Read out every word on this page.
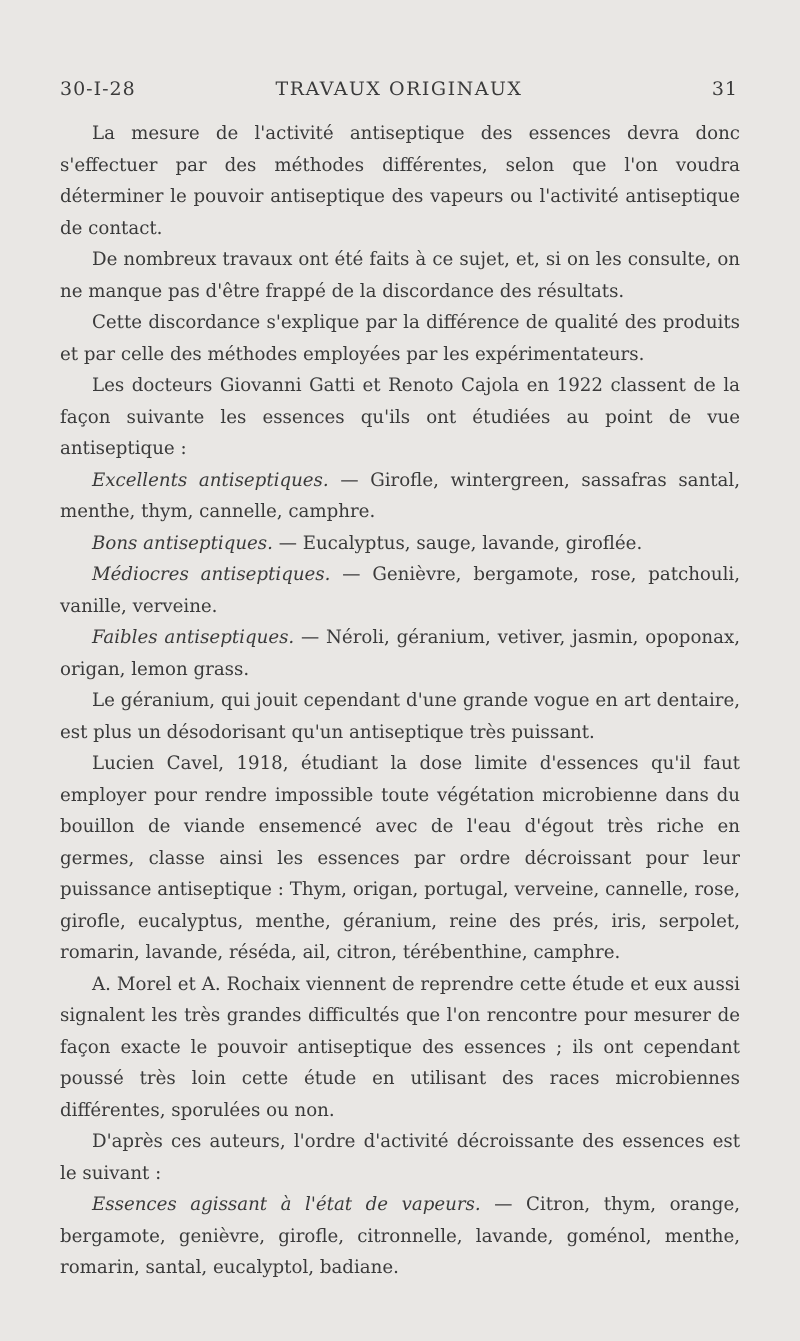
30-I-28	TRAVAUX ORIGINAUX	31

La mesure de l'activité antiseptique des essences devra donc s'effectuer par des méthodes différentes, selon que l'on voudra déterminer le pouvoir antiseptique des vapeurs ou l'activité antiseptique de contact.

De nombreux travaux ont été faits à ce sujet, et, si on les consulte, on ne manque pas d'être frappé de la discordance des résultats.

Cette discordance s'explique par la différence de qualité des produits et par celle des méthodes employées par les expérimentateurs.

Les docteurs Giovanni Gatti et Renoto Cajola en 1922 classent de la façon suivante les essences qu'ils ont étudiées au point de vue antiseptique :

Excellents antiseptiques. — Girofle, wintergreen, sassafras santal, menthe, thym, cannelle, camphre.

Bons antiseptiques. — Eucalyptus, sauge, lavande, giroflée.

Médiocres antiseptiques. — Genièvre, bergamote, rose, patchouli, vanille, verveine.

Faibles antiseptiques. — Néroli, géranium, vetiver, jasmin, opoponax, origan, lemon grass.

Le géranium, qui jouit cependant d'une grande vogue en art dentaire, est plus un désodorisant qu'un antiseptique très puissant.

Lucien Cavel, 1918, étudiant la dose limite d'essences qu'il faut employer pour rendre impossible toute végétation microbienne dans du bouillon de viande ensemencé avec de l'eau d'égout très riche en germes, classe ainsi les essences par ordre décroissant pour leur puissance antiseptique : Thym, origan, portugal, verveine, cannelle, rose, girofle, eucalyptus, menthe, géranium, reine des prés, iris, serpolet, romarin, lavande, réséda, ail, citron, térébenthine, camphre.

A. Morel et A. Rochaix viennent de reprendre cette étude et eux aussi signalent les très grandes difficultés que l'on rencontre pour mesurer de façon exacte le pouvoir antiseptique des essences ; ils ont cependant poussé très loin cette étude en utilisant des races microbiennes différentes, sporulées ou non.

D'après ces auteurs, l'ordre d'activité décroissante des essences est le suivant :

Essences agissant à l'état de vapeurs. — Citron, thym, orange, bergamote, genièvre, girofle, citronnelle, lavande, goménol, menthe, romarin, santal, eucalyptol, badiane.
